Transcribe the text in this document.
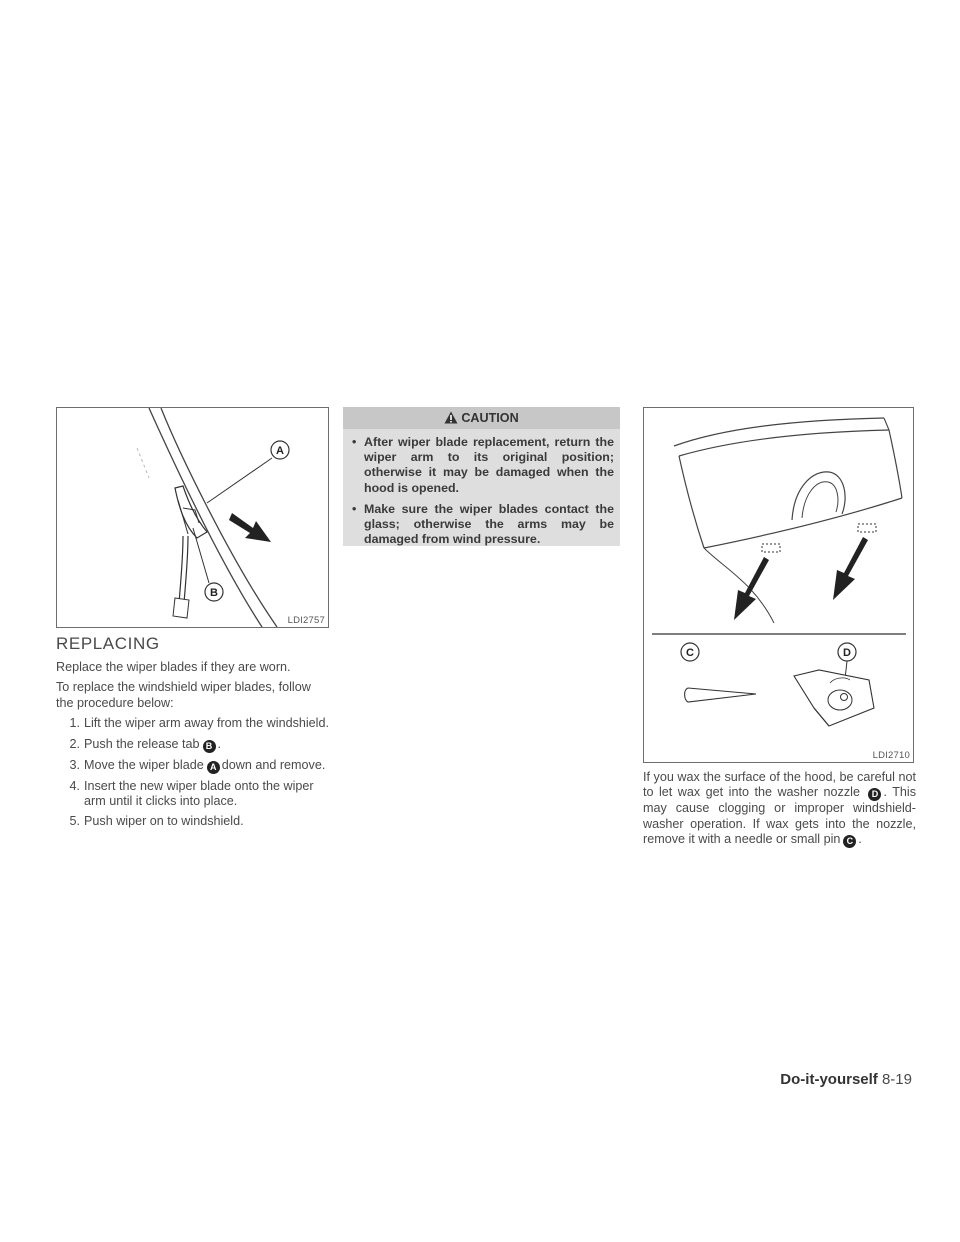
A
B
LDI2757
REPLACING

Replace the wiper blades if they are worn.

To replace the windshield wiper blades, follow the procedure below:

1. Lift the wiper arm away from the windshield.
2. Push the release tab B .
3. Move the wiper blade A down and remove.
4. Insert the new wiper blade onto the wiper arm until it clicks into place.
5. Push wiper on to windshield.
CAUTION
• After wiper blade replacement, return the wiper arm to its original position; otherwise it may be damaged when the hood is opened.
• Make sure the wiper blades contact the glass; otherwise the arms may be damaged from wind pressure.
C	D
LDI2710

If you wax the surface of the hood, be careful not to let wax get into the washer nozzle D . This may cause clogging or improper windshield-washer operation. If wax gets into the nozzle, remove it with a needle or small pin C .

Do-it-yourself 8-19
